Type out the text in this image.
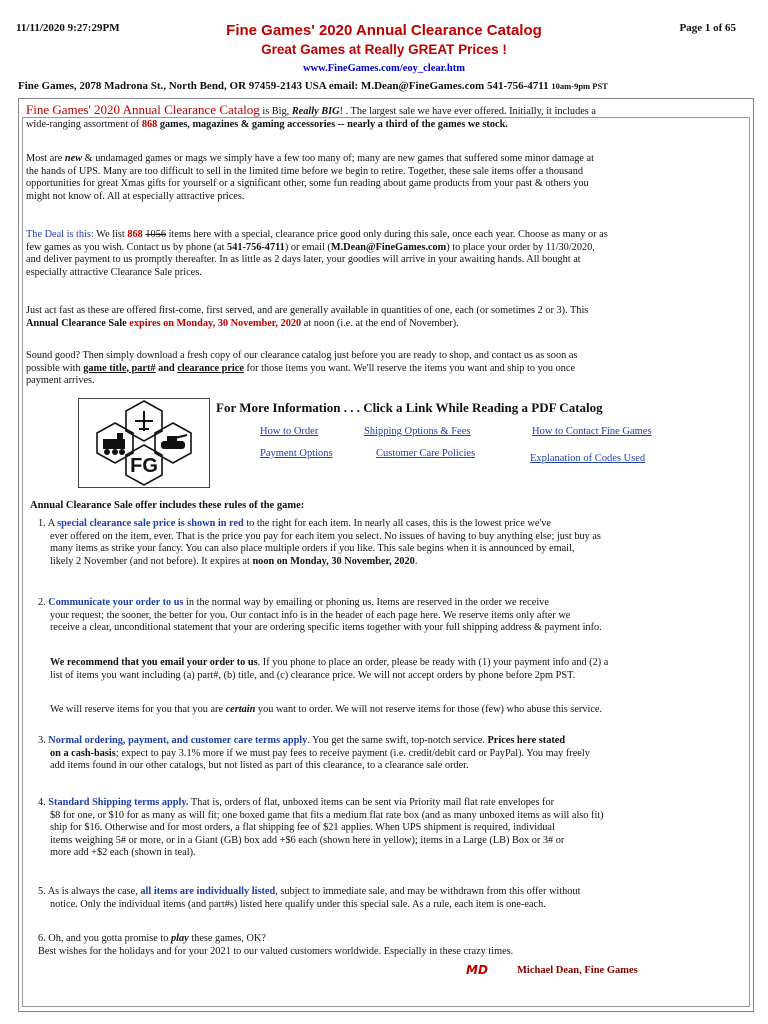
11/11/2020 9:27:29PM	Fine Games' 2020 Annual Clearance Catalog	Page 1 of 65
Great Games at Really GREAT Prices !
www.FineGames.com/eoy_clear.htm
Fine Games, 2078 Madrona St., North Bend, OR 97459-2143 USA email: M.Dean@FineGames.com 541-756-4711 10am-9pm PST
Fine Games' 2020 Annual Clearance Catalog is Big, Really BIG! . The largest sale we have ever offered. Initially, it includes a
wide-ranging assortment of 868 games, magazines & gaming accessories -- nearly a third of the games we stock.
Most are new & undamaged games or mags we simply have a few too many of; many are new games that suffered some minor damage at
the hands of UPS. Many are too difficult to sell in the limited time before we begin to retire. Together, these sale items offer a thousand
opportunities for great Xmas gifts for yourself or a significant other, some fun reading about game products from your past & others you
might not know of. All at especially attractive prices.
The Deal is this: We list 868 1056 items here with a special, clearance price good only during this sale, once each year. Choose as many or as
few games as you wish. Contact us by phone (at 541-756-4711) or email (M.Dean@FineGames.com) to place your order by 11/30/2020,
and deliver payment to us promptly thereafter. In as little as 2 days later, your goodies will arrive in your awaiting hands. All bought at
especially attractive Clearance Sale prices.
Just act fast as these are offered first-come, first served, and are generally available in quantities of one, each (or sometimes 2 or 3). This
Annual Clearance Sale expires on Monday, 30 November, 2020 at noon (i.e. at the end of November).
Sound good? Then simply download a fresh copy of our clearance catalog just before you are ready to shop, and contact us as soon as
possible with game title, part# and clearance price for those items you want. We'll reserve the items you want and ship to you once
payment arrives.
FG
For More Information . . . Click a Link While Reading a PDF Catalog
How to Order	Shipping Options & Fees	How to Contact Fine Games
Payment Options	Customer Care Policies	Explanation of Codes Used
Annual Clearance Sale offer includes these rules of the game:
1. A special clearance sale price is shown in red to the right for each item. In nearly all cases, this is the lowest price we've
ever offered on the item, ever. That is the price you pay for each item you select. No issues of having to buy anything else; just buy as
many items as strike your fancy. You can also place multiple orders if you like. This sale begins when it is announced by email,
likely 2 November (and not before). It expires at noon on Monday, 30 November, 2020.
2. Communicate your order to us in the normal way by emailing or phoning us. Items are reserved in the order we receive
your request; the sooner, the better for you. Our contact info is in the header of each page here. We reserve items only after we
receive a clear, unconditional statement that your are ordering specific items together with your full shipping address & payment info.
We recommend that you email your order to us. If you phone to place an order, please be ready with (1) your payment info and (2) a
list of items you want including (a) part#, (b) title, and (c) clearance price. We will not accept orders by phone before 2pm PST.
We will reserve items for you that you are certain you want to order. We will not reserve items for those (few) who abuse this service.
3. Normal ordering, payment, and customer care terms apply. You get the same swift, top-notch service. Prices here stated
on a cash-basis; expect to pay 3.1% more if we must pay fees to receive payment (i.e. credit/debit card or PayPal). You may freely
add items found in our other catalogs, but not listed as part of this clearance, to a clearance sale order.
4. Standard Shipping terms apply. That is, orders of flat, unboxed items can be sent via Priority mail flat rate envelopes for
$8 for one, or $10 for as many as will fit; one boxed game that fits a medium flat rate box (and as many unboxed items as will also fit)
ship for $16. Otherwise and for most orders, a flat shipping fee of $21 applies. When UPS shipment is required, individual
items weighing 5# or more, or in a Giant (GB) box add +$6 each (shown here in yellow); items in a Large (LB) Box or 3# or
more add +$2 each (shown in teal).
5. As is always the case, all items are individually listed, subject to immediate sale, and may be withdrawn from this offer without
notice. Only the individual items (and part#s) listed here qualify under this special sale. As a rule, each item is one-each.
6. Oh, and you gotta promise to play these games, OK?
Best wishes for the holidays and for your 2021 to our valued customers worldwide. Especially in these crazy times.
MD	Michael Dean, Fine Games
